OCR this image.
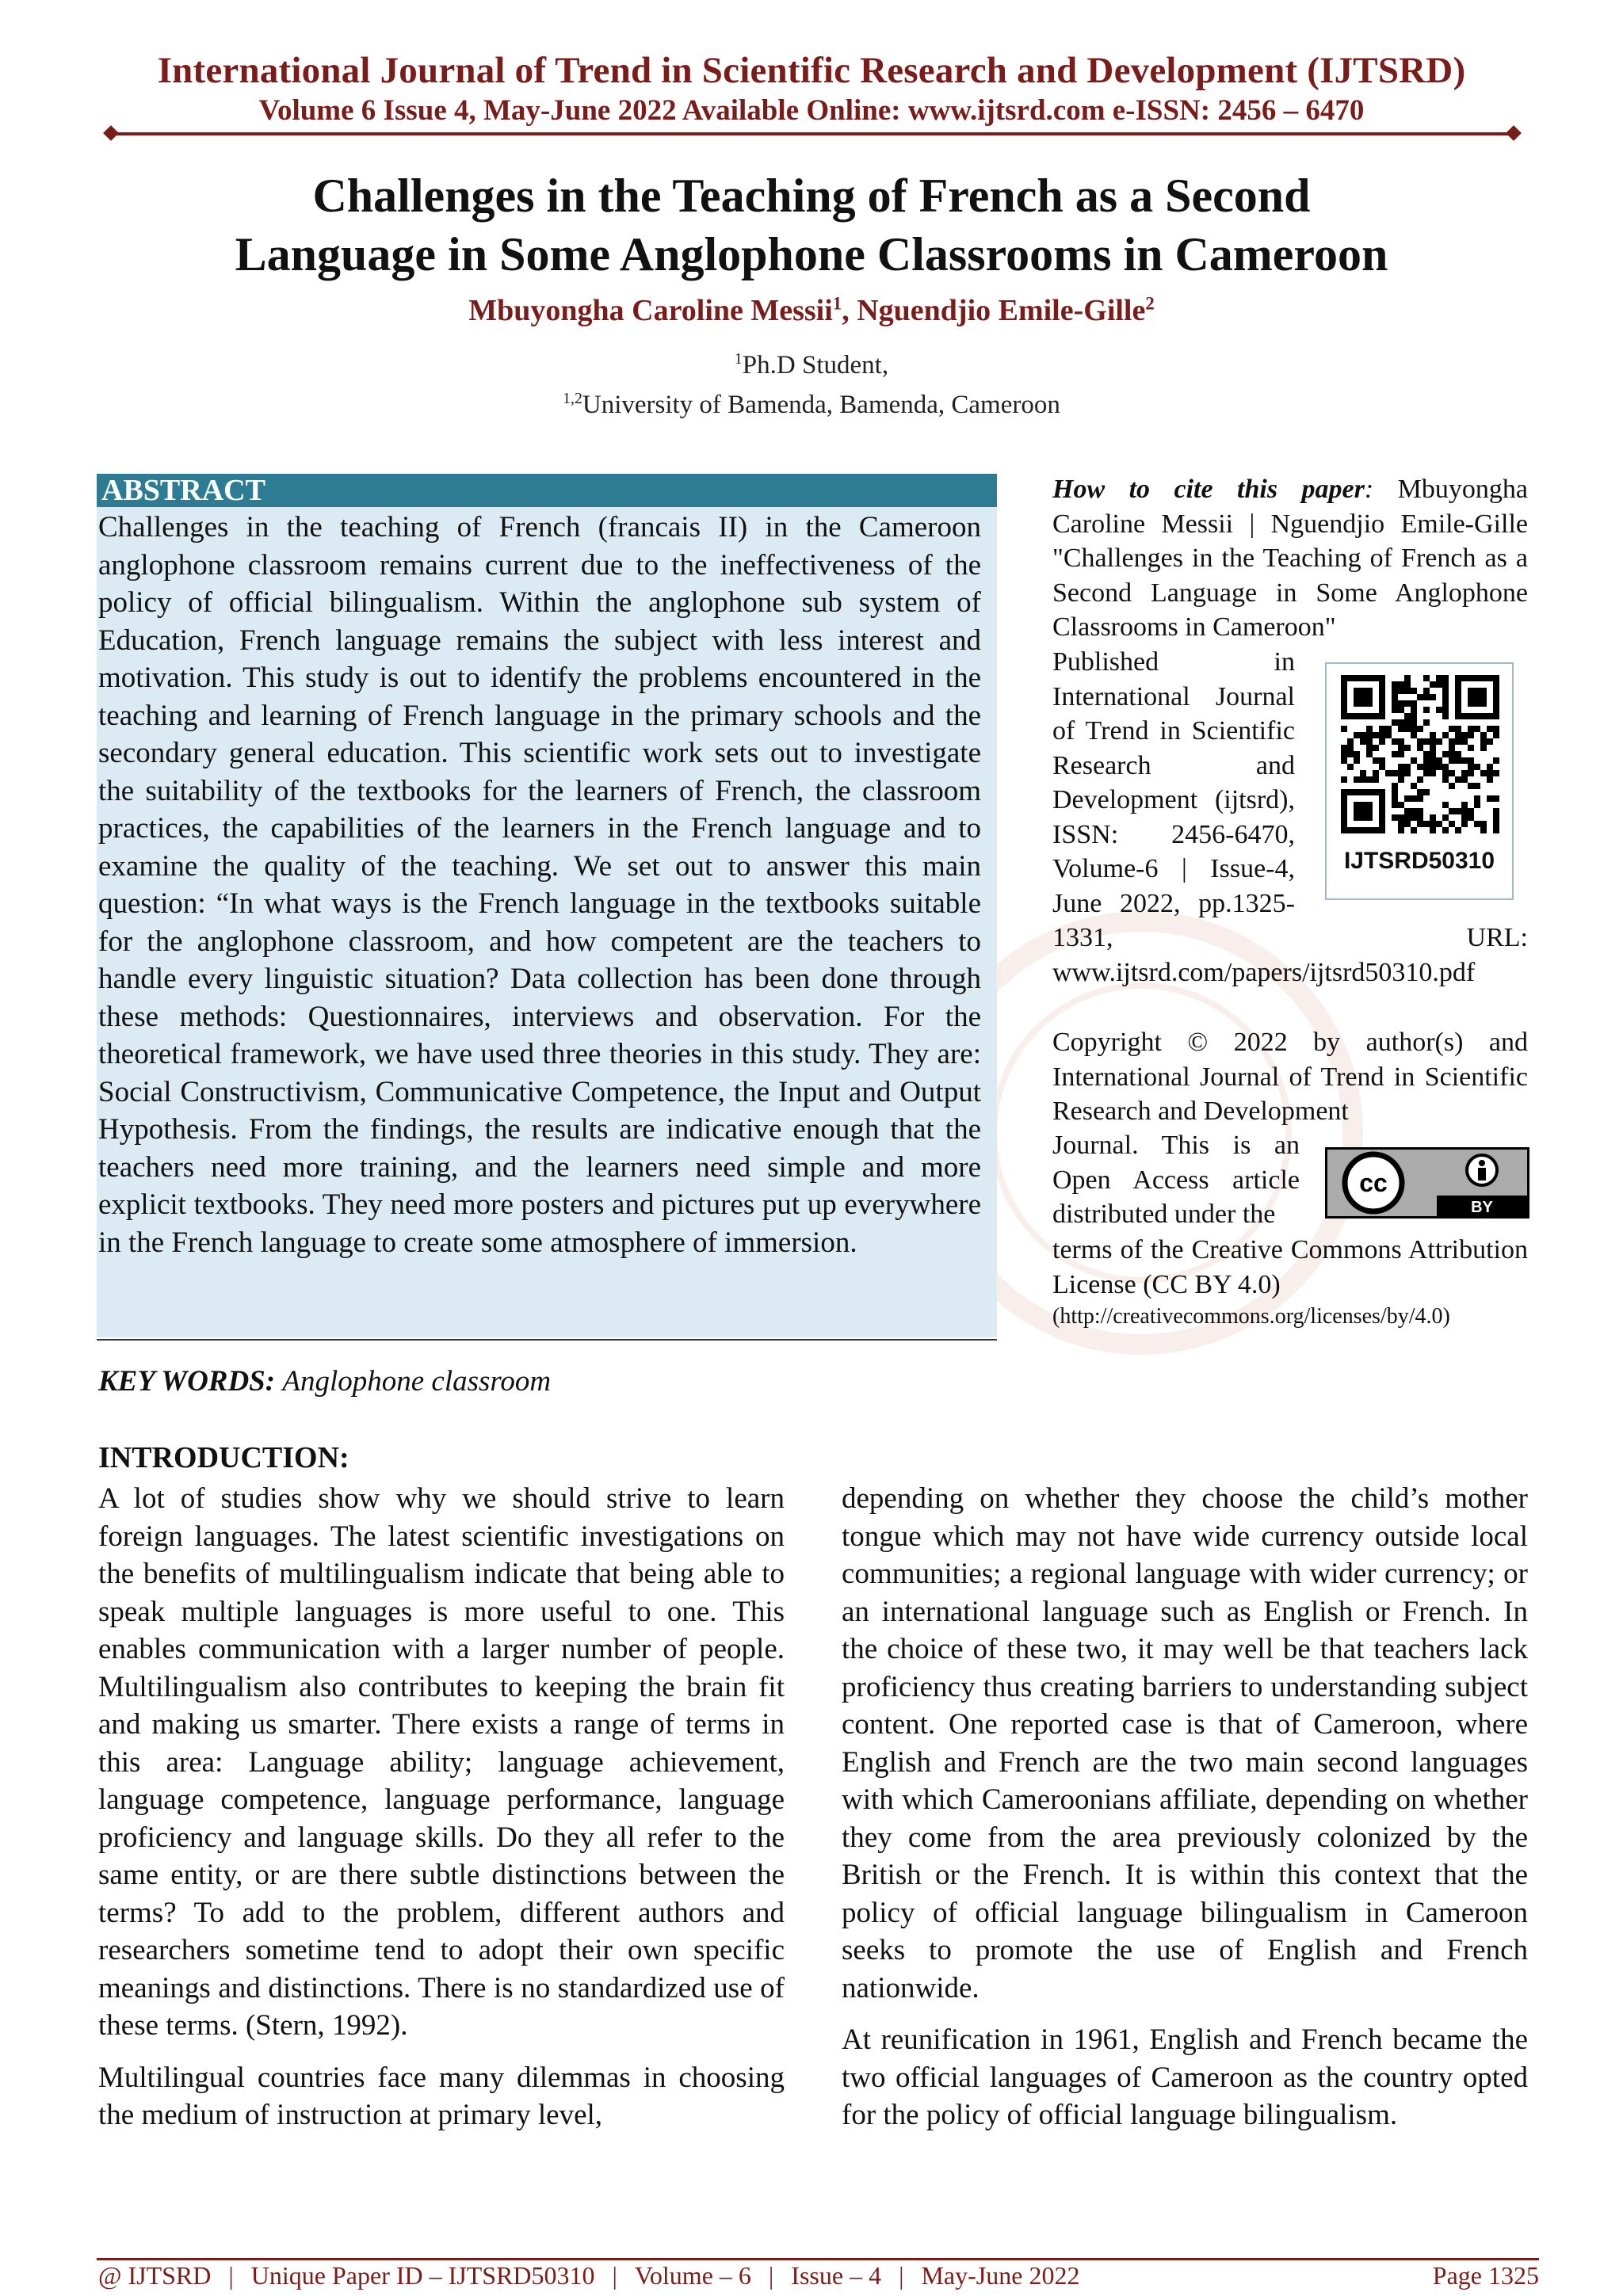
International Journal of Trend in Scientific Research and Development (IJTSRD)
Volume 6 Issue 4, May-June 2022 Available Online: www.ijtsrd.com e-ISSN: 2456 – 6470
Challenges in the Teaching of French as a Second
Language in Some Anglophone Classrooms in Cameroon
Mbuyongha Caroline Messii$^1$, Nguendjio Emile-Gille$^2$
$^1$Ph.D Student,
$^{1,2}$University of Bamenda, Bamenda, Cameroon
ABSTRACT
Challenges in the teaching of French (francais II) in the Cameroon anglophone classroom remains current due to the ineffectiveness of the policy of official bilingualism. Within the anglophone sub system of Education, French language remains the subject with less interest and motivation. This study is out to identify the problems encountered in the teaching and learning of French language in the primary schools and the secondary general education. This scientific work sets out to investigate the suitability of the textbooks for the learners of French, the classroom practices, the capabilities of the learners in the French language and to examine the quality of the teaching. We set out to answer this main question: “In what ways is the French language in the textbooks suitable for the anglophone classroom, and how competent are the teachers to handle every linguistic situation? Data collection has been done through these methods: Questionnaires, interviews and observation. For the theoretical framework, we have used three theories in this study. They are: Social Constructivism, Communicative Competence, the Input and Output Hypothesis. From the findings, the results are indicative enough that the teachers need more training, and the learners need simple and more explicit textbooks. They need more posters and pictures put up everywhere in the French language to create some atmosphere of immersion.
How to cite this paper: Mbuyongha Caroline Messii | Nguendjio Emile-Gille "Challenges in the Teaching of French as a Second Language in Some Anglophone Classrooms in Cameroon"
Published in International Journal of Trend in Scientific Research and Development (ijtsrd), ISSN: 2456-6470, Volume-6 | Issue-4, June 2022, pp.1325-1331,	URL:
www.ijtsrd.com/papers/ijtsrd50310.pdf
IJTSRD50310
Copyright © 2022 by author(s) and International Journal of Trend in Scientific Research and Development
Journal. This is an Open Access article distributed under the
terms of the Creative Commons Attribution License (CC BY 4.0)
(http://creativecommons.org/licenses/by/4.0)
cc
BY
KEY WORDS: Anglophone classroom
INTRODUCTION:

A lot of studies show why we should strive to learn foreign languages. The latest scientific investigations on the benefits of multilingualism indicate that being able to speak multiple languages is more useful to one. This enables communication with a larger number of people. Multilingualism also contributes to keeping the brain fit and making us smarter. There exists a range of terms in this area: Language ability; language achievement, language competence, language performance, language proficiency and language skills. Do they all refer to the same entity, or are there subtle distinctions between the terms? To add to the problem, different authors and researchers sometime tend to adopt their own specific meanings and distinctions. There is no standardized use of these terms. (Stern, 1992).

Multilingual countries face many dilemmas in choosing the medium of instruction at primary level,

depending on whether they choose the child’s mother tongue which may not have wide currency outside local communities; a regional language with wider currency; or an international language such as English or French. In the choice of these two, it may well be that teachers lack proficiency thus creating barriers to understanding subject content. One reported case is that of Cameroon, where English and French are the two main second languages with which Cameroonians affiliate, depending on whether they come from the area previously colonized by the British or the French. It is within this context that the policy of official language bilingualism in Cameroon seeks to promote the use of English and French nationwide.

At reunification in 1961, English and French became the two official languages of Cameroon as the country opted for the policy of official language bilingualism.

@ IJTSRD | Unique Paper ID – IJTSRD50310 | Volume – 6 | Issue – 4 | May-June 2022	Page 1325
